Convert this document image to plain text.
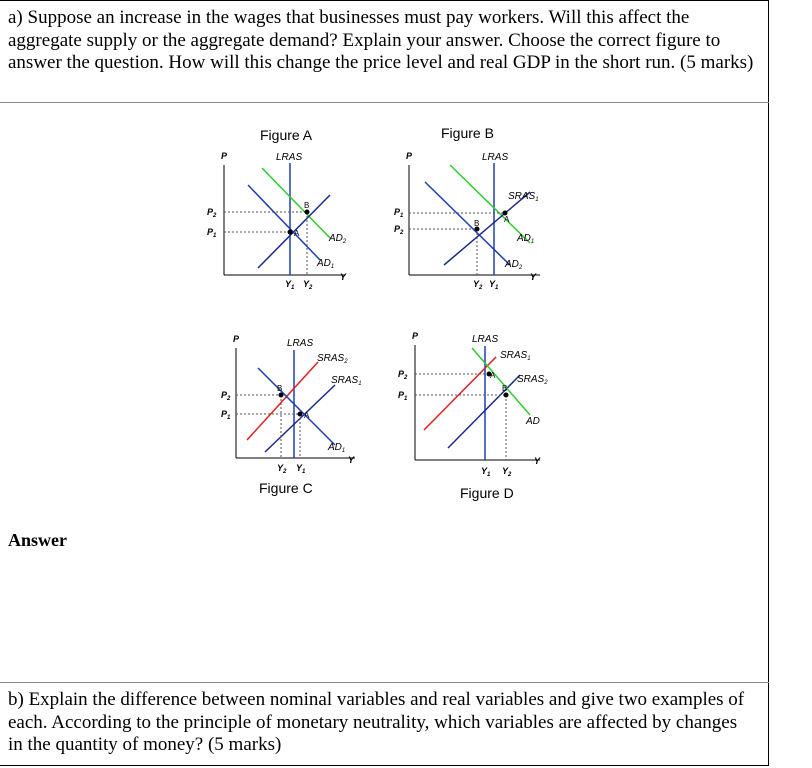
a) Suppose an increase in the wages that businesses must pay workers. Will this affect the aggregate supply or the aggregate demand? Explain your answer. Choose the correct figure to answer the question. How will this change the price level and real GDP in the short run. (5 marks)
Figure A
P	LRAS
A
B
$P_2$
$P_1$	$AD_2$
$AD_1$
Y
$Y_1$ $Y_2$
Figure B
P	LRAS
A
B
$SRAS_1$
$P_1$
$P_2$	$AD_1$
$AD_2$
Y
$Y_2$ $Y_1$
P	LRAS
B
A
$SRAS_2$
$SRAS_1$
$P_2$
$P_1$
$AD_1$
Y
$Y_2$ $Y_1$
Figure C
P	LRAS
A
B
$SRAS_1$
$SRAS_2$
$P_2$
$P_1$
AD
Y
$Y_1$ $Y_2$
Figure D
Answer
b) Explain the difference between nominal variables and real variables and give two examples of each. According to the principle of monetary neutrality, which variables are affected by changes in the quantity of money? (5 marks)
